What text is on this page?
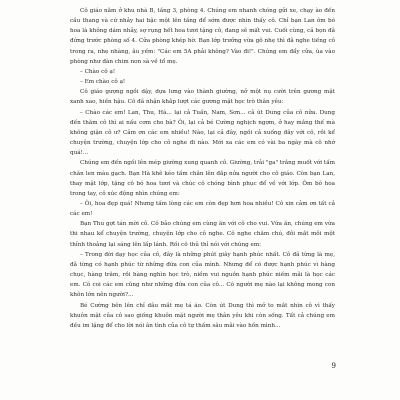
Cô giáo nằm ở khu nhà B, tầng 3, phòng 4. Chúng em nhanh chóng gửi xe, chạy ào đến cầu thang và cứ nhảy hai bậc một lên tầng để sớm được nhìn thấy cô. Chỉ bạn Lan ôm bó hoa là không dám nhảy, sợ rụng hết hoa tươi tặng cô, đang sẽ mất vui. Cuối cùng, cả bọn đã đứng trước phòng số 4. Cửa phòng khép hờ. Bạn lớp trưởng vừa gõ nhẹ thì đã nghe tiếng cô trong ra, nhẹ nhàng, âu yếm: "Các em 5A phải không? Vào đi!". Chúng em đẩy cửa, ùa vào phòng như đàn chim non sà về tổ mẹ.

– Chào cô ạ!

– Em chào cô ạ!

Cô giáo gượng ngồi dậy, dựa lưng vào thành giường, nở một nụ cười trên gương mặt xanh xao, hiền hậu. Cô đã nhận khắp lượt các gương mặt học trò thân yêu:

– Chào các em! Lan, Thu, Hà... lại cả Tuấn, Nam, Sơn... cả út Dung của cô nữa. Dung đến thăm cô thì ai nấu cơm cho bà? Ôi, lại cả bé Cường nghịch ngợm, ở hay mắng thế mà không giận cô ư? Cảm ơn các em nhiều! Nào, lại cả đây, ngồi cả xuống đây với cô, rồi kể chuyện trường, chuyện lớp cho cô nghe đi nào. Mới xa các em có vài ba ngày mà cô nhớ quá!...

Chúng em đến ngồi lên mép giường xung quanh cô. Giường, trải "ga" trắng muốt với tấm chăn len màu gạch. Bạn Hà khẽ kéo tấm chăn lên đắp nửa người cho cô giáo. Còn bạn Lan, thay mặt lớp, tặng cô bó hoa tươi và chúc cô chóng bình phục để về với lớp. Ôm bó hoa trong tay, cô xúc động nhìn chúng em:

– Ôi, hoa đẹp quá! Nhưng tấm lòng các em còn đẹp hơn hoa nhiều! Cô xin cảm ơn tất cả các em!

Bạn Thu gợt tán mời cô. Cô bảo chúng em cùng ăn với cô cho vui. Vừa ăn, chúng em vừa thi nhau kể chuyện trường, chuyện lớp cho cô nghe. Cô nghe chăm chú, đôi mắt mỗi một thỉnh thoảng lại sáng lên lấp lánh. Rồi cô thủ thỉ nói với chúng em:

– Trong đời dạy học của cô, đây là những phút giây hạnh phúc nhất. Cô đã từng là mẹ, đã từng có hạnh phúc từ những đứa con của mình. Nhưng để có được hạnh phúc vì hàng chục, hàng trăm, rồi hàng nghìn học trò, niềm vui nguồn hạnh phúc niềm mãi là học các em. Có coi các em cũng như những đứa con của cô... Có người mẹ nào lại không mong con khôn lớn nên người?...

Bé Cường bên lên chỉ dâu mắt mẹ tá áo. Còn út Dung thì mở to mắt nhìn cô vì thấy khuôn mặt của cô sao giống khuôn mặt người mẹ thân yêu khi còn sống. Tất cả chúng em đều im lặng để cho lời nói ân tình của cô tự thấm sâu mãi vào hồn mình...

9
